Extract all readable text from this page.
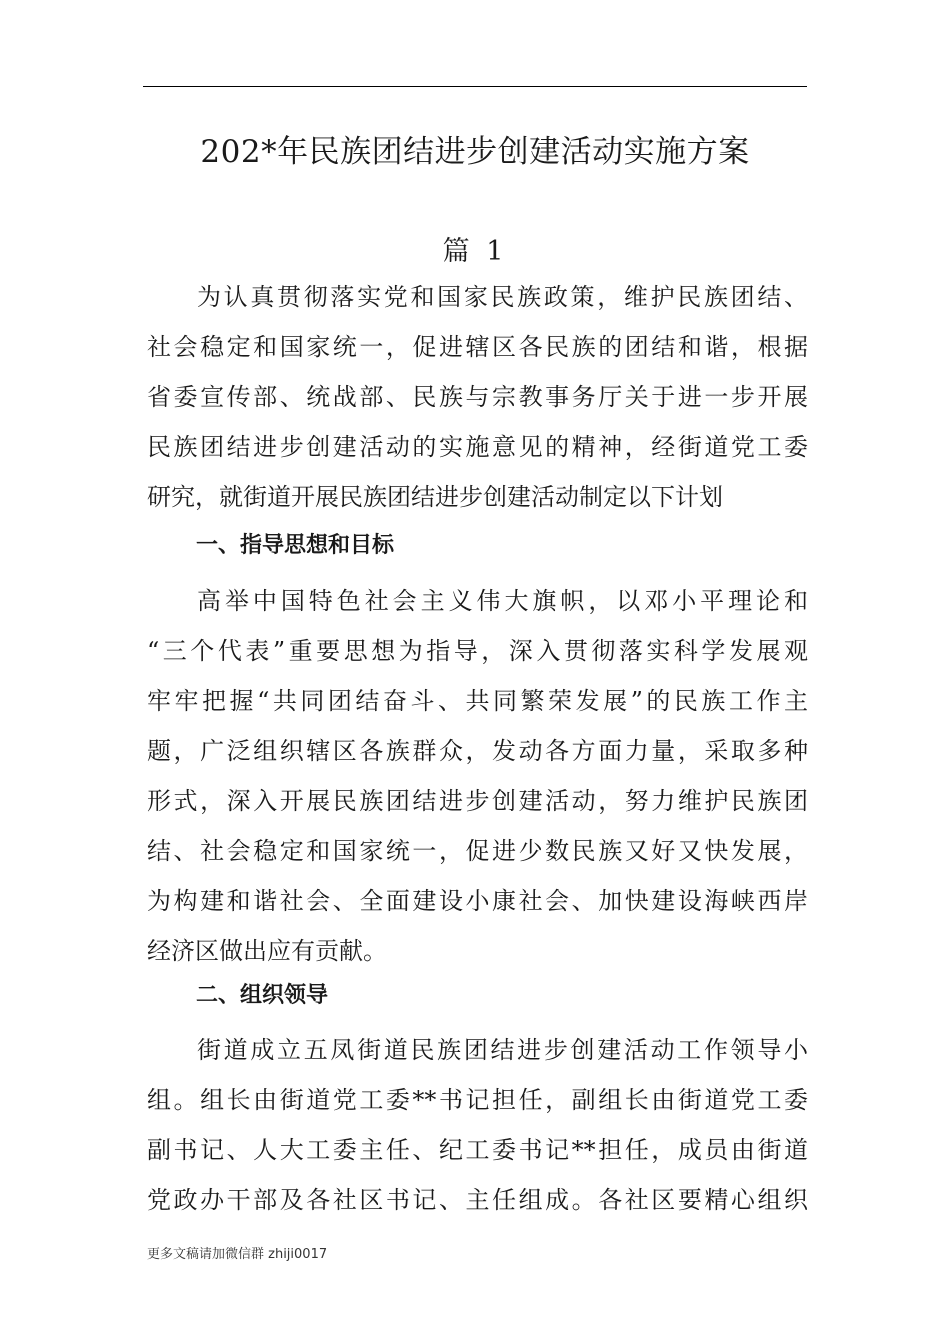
202*年民族团结进步创建活动实施方案
篇 1
为认真贯彻落实党和国家民族政策，维护民族团结、
社会稳定和国家统一，促进辖区各民族的团结和谐，根据
省委宣传部、统战部、民族与宗教事务厅关于进一步开展
民族团结进步创建活动的实施意见的精神，经街道党工委
研究，就街道开展民族团结进步创建活动制定以下计划
一、指导思想和目标
高举中国特色社会主义伟大旗帜，以邓小平理论和
“三个代表”重要思想为指导，深入贯彻落实科学发展观
牢牢把握“共同团结奋斗、共同繁荣发展”的民族工作主
题，广泛组织辖区各族群众，发动各方面力量，采取多种
形式，深入开展民族团结进步创建活动，努力维护民族团
结、社会稳定和国家统一，促进少数民族又好又快发展，
为构建和谐社会、全面建设小康社会、加快建设海峡西岸
经济区做出应有贡献。
二、组织领导
街道成立五凤街道民族团结进步创建活动工作领导小
组。组长由街道党工委**书记担任，副组长由街道党工委
副书记、人大工委主任、纪工委书记**担任，成员由街道
党政办干部及各社区书记、主任组成。各社区要精心组织
更多文稿请加微信群 zhiji0017
